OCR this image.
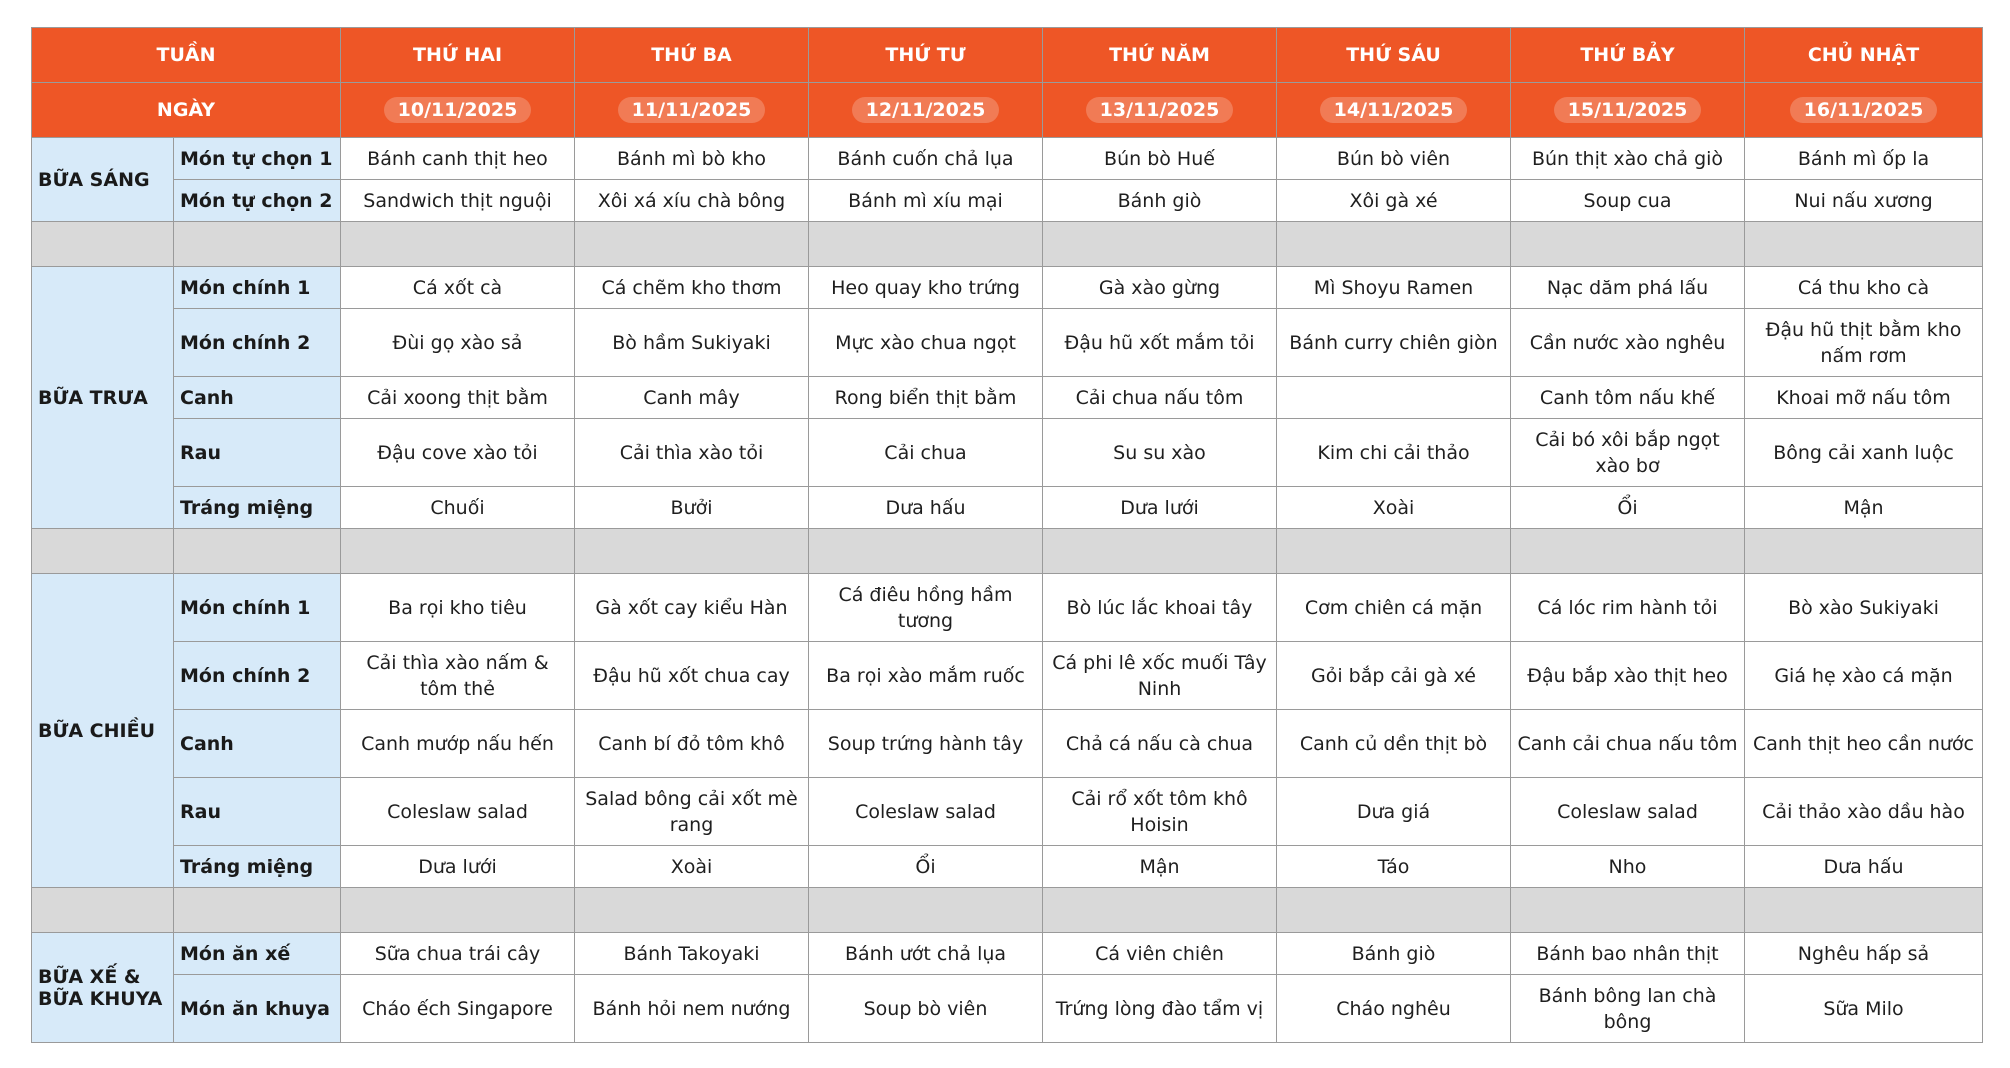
TUẦN		THỨ HAI	THỨ BA	THỨ TƯ	THỨ NĂM	THỨ SÁU	THỨ BẢY	CHỦ NHẬT
NGÀY		10/11/2025	11/11/2025	12/11/2025	13/11/2025	14/11/2025	15/11/2025	16/11/2025
BỮA SÁNG	Món tự chọn 1	Bánh canh thịt heo	Bánh mì bò kho	Bánh cuốn chả lụa	Bún bò Huế	Bún bò viên	Bún thịt xào chả giò	Bánh mì ốp la
	Món tự chọn 2	Sandwich thịt nguội	Xôi xá xíu chà bông	Bánh mì xíu mại	Bánh giò	Xôi gà xé	Soup cua	Nui nấu xương

BỮA TRƯA	Món chính 1	Cá xốt cà	Cá chẽm kho thơm	Heo quay kho trứng	Gà xào gừng	Mì Shoyu Ramen	Nạc dăm phá lấu	Cá thu kho cà
	Món chính 2	Đùi gọ xào sả	Bò hầm Sukiyaki	Mực xào chua ngọt	Đậu hũ xốt mắm tỏi	Bánh curry chiên giòn	Cần nước xào nghêu	Đậu hũ thịt bằm kho nấm rơm
	Canh	Cải xoong thịt bằm	Canh mây	Rong biển thịt bằm	Cải chua nấu tôm		Canh tôm nấu khế	Khoai mỡ nấu tôm
	Rau	Đậu cove xào tỏi	Cải thìa xào tỏi	Cải chua	Su su xào	Kim chi cải thảo	Cải bó xôi bắp ngọt xào bơ	Bông cải xanh luộc
	Tráng miệng	Chuối	Bưởi	Dưa hấu	Dưa lưới	Xoài	Ổi	Mận

BỮA CHIỀU	Món chính 1	Ba rọi kho tiêu	Gà xốt cay kiểu Hàn	Cá điêu hồng hầm tương	Bò lúc lắc khoai tây	Cơm chiên cá mặn	Cá lóc rim hành tỏi	Bò xào Sukiyaki
	Món chính 2	Cải thìa xào nấm & tôm thẻ	Đậu hũ xốt chua cay	Ba rọi xào mắm ruốc	Cá phi lê xốc muối Tây Ninh	Gỏi bắp cải gà xé	Đậu bắp xào thịt heo	Giá hẹ xào cá mặn
	Canh	Canh mướp nấu hến	Canh bí đỏ tôm khô	Soup trứng hành tây	Chả cá nấu cà chua	Canh củ dền thịt bò	Canh cải chua nấu tôm	Canh thịt heo cần nước
	Rau	Coleslaw salad	Salad bông cải xốt mè rang	Coleslaw salad	Cải rổ xốt tôm khô Hoisin	Dưa giá	Coleslaw salad	Cải thảo xào dầu hào
	Tráng miệng	Dưa lưới	Xoài	Ổi	Mận	Táo	Nho	Dưa hấu

BỮA XẾ &
BỮA KHUYA	Món ăn xế	Sữa chua trái cây	Bánh Takoyaki	Bánh ướt chả lụa	Cá viên chiên	Bánh giò	Bánh bao nhân thịt	Nghêu hấp sả
	Món ăn khuya	Cháo ếch Singapore	Bánh hỏi nem nướng	Soup bò viên	Trứng lòng đào tẩm vị	Cháo nghêu	Bánh bông lan chà bông	Sữa Milo
